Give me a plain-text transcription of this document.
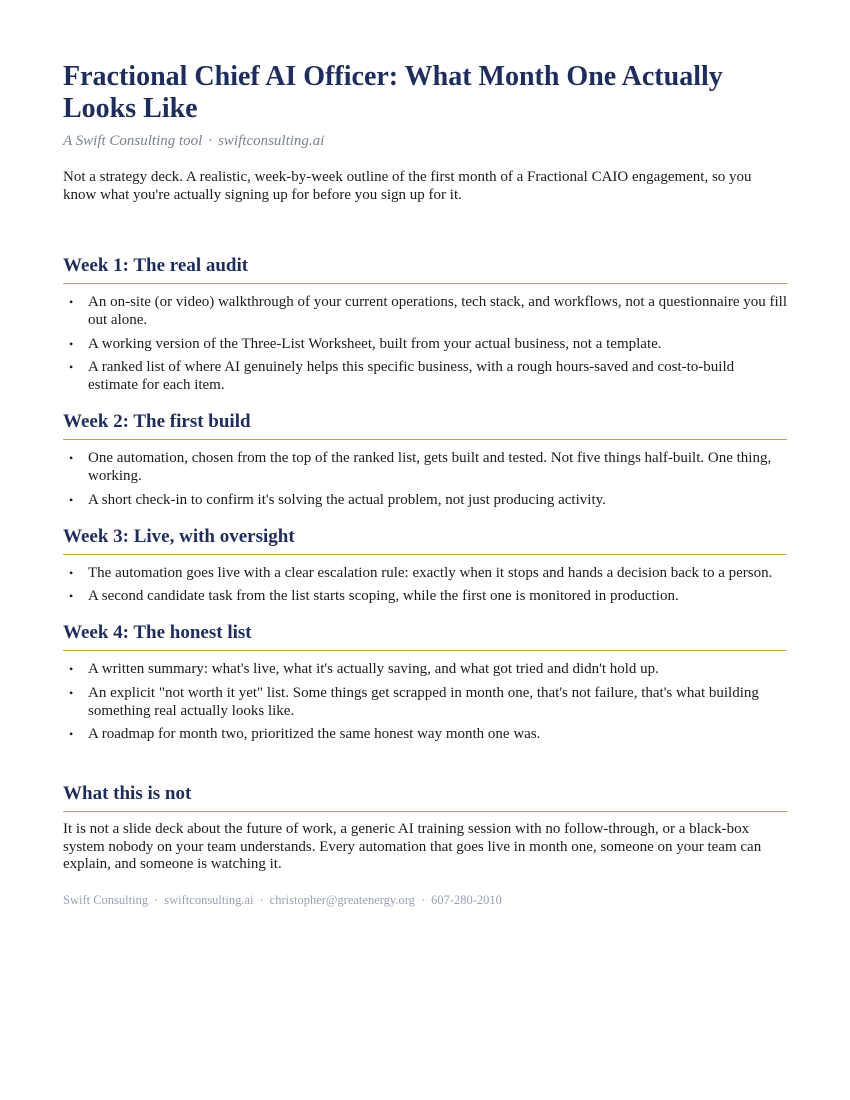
Fractional Chief AI Officer: What Month One Actually Looks Like
A Swift Consulting tool · swiftconsulting.ai
Not a strategy deck. A realistic, week-by-week outline of the first month of a Fractional CAIO engagement, so you know what you're actually signing up for before you sign up for it.
Week 1: The real audit
• An on-site (or video) walkthrough of your current operations, tech stack, and workflows, not a questionnaire you fill out alone.
• A working version of the Three-List Worksheet, built from your actual business, not a template.
• A ranked list of where AI genuinely helps this specific business, with a rough hours-saved and cost-to-build estimate for each item.
Week 2: The first build
• One automation, chosen from the top of the ranked list, gets built and tested. Not five things half-built. One thing, working.
• A short check-in to confirm it's solving the actual problem, not just producing activity.
Week 3: Live, with oversight
• The automation goes live with a clear escalation rule: exactly when it stops and hands a decision back to a person.
• A second candidate task from the list starts scoping, while the first one is monitored in production.
Week 4: The honest list
• A written summary: what's live, what it's actually saving, and what got tried and didn't hold up.
• An explicit "not worth it yet" list. Some things get scrapped in month one, that's not failure, that's what building something real actually looks like.
• A roadmap for month two, prioritized the same honest way month one was.
What this is not
It is not a slide deck about the future of work, a generic AI training session with no follow-through, or a black-box system nobody on your team understands. Every automation that goes live in month one, someone on your team can explain, and someone is watching it.
Swift Consulting · swiftconsulting.ai · christopher@greatenergy.org · 607-280-2010
